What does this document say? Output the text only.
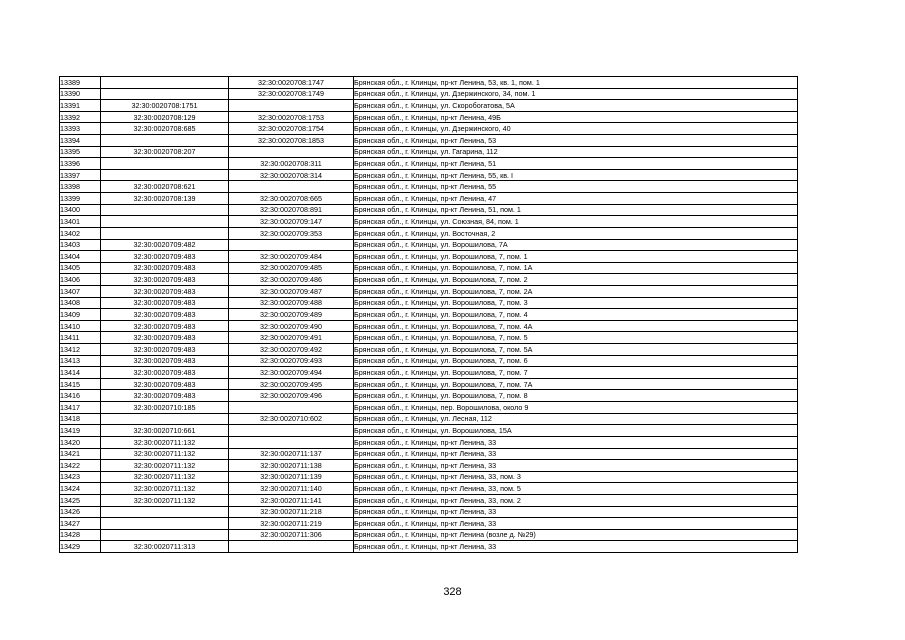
13389		32:30:0020708:1747	Брянская обл., г. Клинцы, пр-кт Ленина, 53, кв. 1, пом. 1
13390		32:30:0020708:1749	Брянская обл., г. Клинцы, ул. Дзержинского, 34, пом. 1
13391	32:30:0020708:1751		Брянская обл., г. Клинцы, ул. Скоробогатова, 5А
13392	32:30:0020708:129	32:30:0020708:1753	Брянская обл., г. Клинцы, пр-кт Ленина, 49Б
13393	32:30:0020708:685	32:30:0020708:1754	Брянская обл., г. Клинцы, ул. Дзержинского, 40
13394		32:30:0020708:1853	Брянская обл., г. Клинцы, пр-кт Ленина, 53
13395	32:30:0020708:207		Брянская обл., г. Клинцы, ул. Гагарина, 112
13396		32:30:0020708:311	Брянская обл., г. Клинцы, пр-кт Ленина, 51
13397		32:30:0020708:314	Брянская обл., г. Клинцы, пр-кт Ленина, 55, кв. I
13398	32:30:0020708:621		Брянская обл., г. Клинцы, пр-кт Ленина, 55
13399	32:30:0020708:139	32:30:0020708:665	Брянская обл., г. Клинцы, пр-кт Ленина, 47
13400		32:30:0020708:891	Брянская обл., г. Клинцы, пр-кт Ленина, 51, пом. 1
13401		32:30:0020709:147	Брянская обл., г. Клинцы, ул. Союзная, 84, пом. 1
13402		32:30:0020709:353	Брянская обл., г. Клинцы, ул. Восточная, 2
13403	32:30:0020709:482		Брянская обл., г. Клинцы, ул. Ворошилова, 7А
13404	32:30:0020709:483	32:30:0020709:484	Брянская обл., г. Клинцы, ул. Ворошилова, 7, пом. 1
13405	32:30:0020709:483	32:30:0020709:485	Брянская обл., г. Клинцы, ул. Ворошилова, 7, пом. 1А
13406	32:30:0020709:483	32:30:0020709:486	Брянская обл., г. Клинцы, ул. Ворошилова, 7, пом. 2
13407	32:30:0020709:483	32:30:0020709:487	Брянская обл., г. Клинцы, ул. Ворошилова, 7, пом. 2А
13408	32:30:0020709:483	32:30:0020709:488	Брянская обл., г. Клинцы, ул. Ворошилова, 7, пом. 3
13409	32:30:0020709:483	32:30:0020709:489	Брянская обл., г. Клинцы, ул. Ворошилова, 7, пом. 4
13410	32:30:0020709:483	32:30:0020709:490	Брянская обл., г. Клинцы, ул. Ворошилова, 7, пом. 4А
13411	32:30:0020709:483	32:30:0020709:491	Брянская обл., г. Клинцы, ул. Ворошилова, 7, пом. 5
13412	32:30:0020709:483	32:30:0020709:492	Брянская обл., г. Клинцы, ул. Ворошилова, 7, пом. 5А
13413	32:30:0020709:483	32:30:0020709:493	Брянская обл., г. Клинцы, ул. Ворошилова, 7, пом. 6
13414	32:30:0020709:483	32:30:0020709:494	Брянская обл., г. Клинцы, ул. Ворошилова, 7, пом. 7
13415	32:30:0020709:483	32:30:0020709:495	Брянская обл., г. Клинцы, ул. Ворошилова, 7, пом. 7А
13416	32:30:0020709:483	32:30:0020709:496	Брянская обл., г. Клинцы, ул. Ворошилова, 7, пом. 8
13417	32:30:0020710:185		Брянская обл., г. Клинцы, пер. Ворошилова, около 9
13418		32:30:0020710:602	Брянская обл., г. Клинцы, ул. Лесная, 112
13419	32:30:0020710:661		Брянская обл., г. Клинцы, ул. Ворошилова, 15А
13420	32:30:0020711:132		Брянская обл., г. Клинцы, пр-кт Ленина, 33
13421	32:30:0020711:132	32:30:0020711:137	Брянская обл., г. Клинцы, пр-кт Ленина, 33
13422	32:30:0020711:132	32:30:0020711:138	Брянская обл., г. Клинцы, пр-кт Ленина, 33
13423	32:30:0020711:132	32:30:0020711:139	Брянская обл., г. Клинцы, пр-кт Ленина, 33, пом. 3
13424	32:30:0020711:132	32:30:0020711:140	Брянская обл., г. Клинцы, пр-кт Ленина, 33, пом. 5
13425	32:30:0020711:132	32:30:0020711:141	Брянская обл., г. Клинцы, пр-кт Ленина, 33, пом. 2
13426		32:30:0020711:218	Брянская обл., г. Клинцы, пр-кт Ленина, 33
13427		32:30:0020711:219	Брянская обл., г. Клинцы, пр-кт Ленина, 33
13428		32:30:0020711:306	Брянская обл., г. Клинцы, пр-кт Ленина (возле д. №29)
13429	32:30:0020711:313		Брянская обл., г. Клинцы, пр-кт Ленина, 33
328
